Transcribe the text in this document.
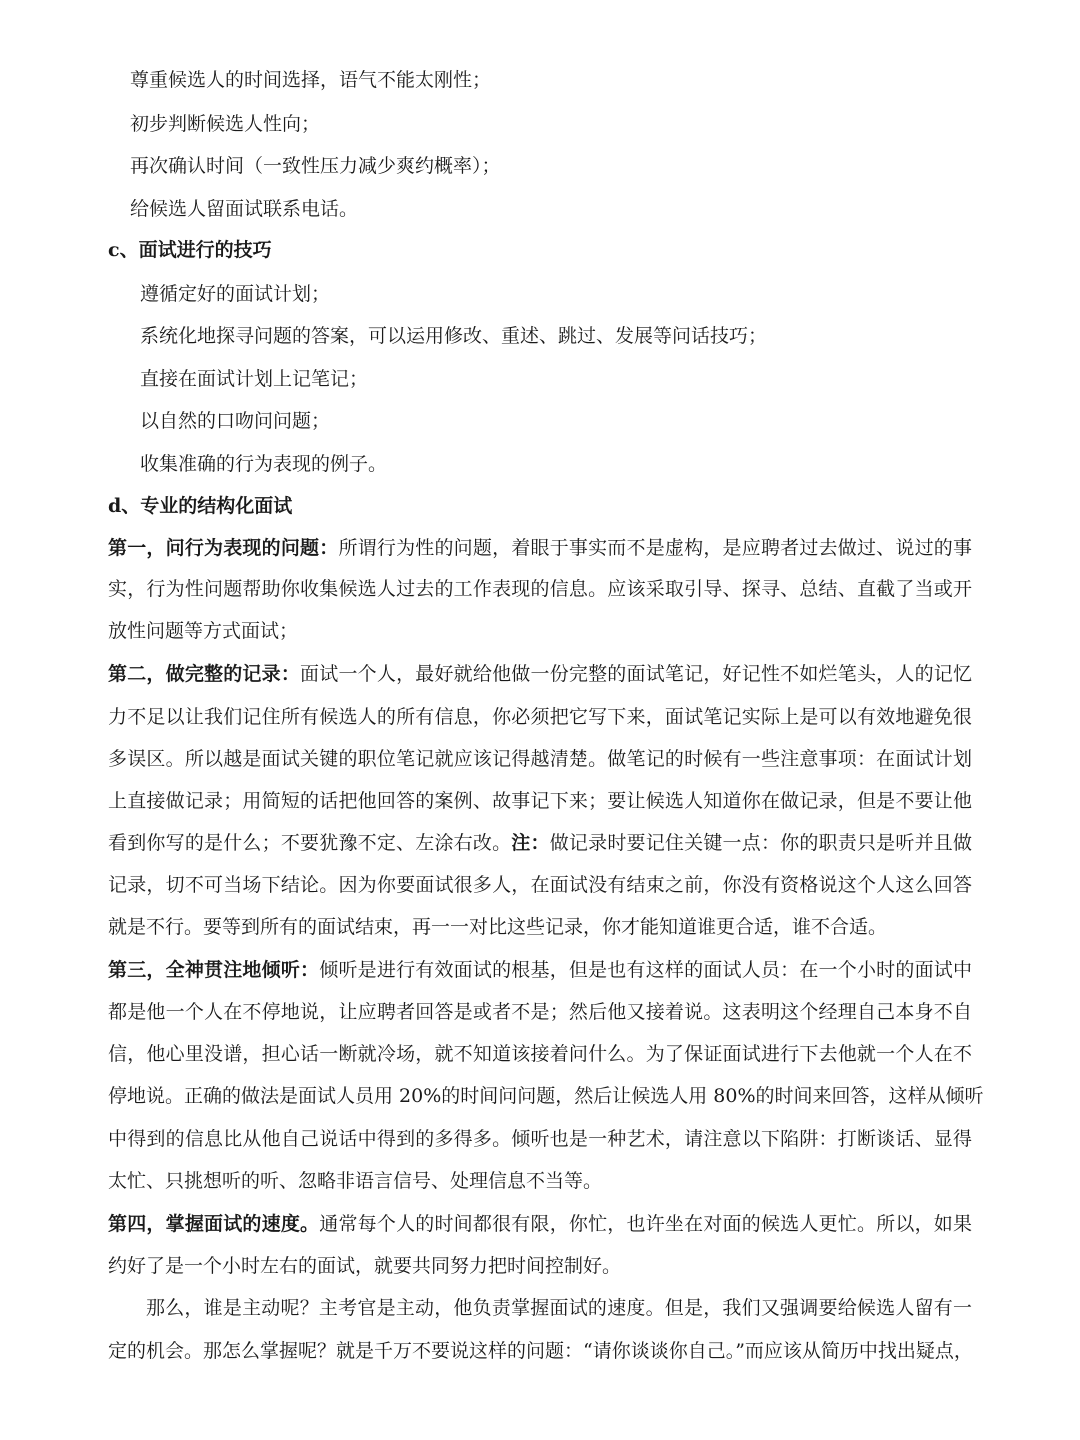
尊重候选人的时间选择，语气不能太刚性；
初步判断候选人性向；
再次确认时间（一致性压力减少爽约概率）；
给候选人留面试联系电话。
c、面试进行的技巧
遵循定好的面试计划；
系统化地探寻问题的答案，可以运用修改、重述、跳过、发展等问话技巧；
直接在面试计划上记笔记；
以自然的口吻问问题；
收集准确的行为表现的例子。
d、专业的结构化面试
第一，问行为表现的问题：所谓行为性的问题，着眼于事实而不是虚构，是应聘者过去做过、说过的事
实，行为性问题帮助你收集候选人过去的工作表现的信息。应该采取引导、探寻、总结、直截了当或开
放性问题等方式面试；
第二，做完整的记录：面试一个人，最好就给他做一份完整的面试笔记，好记性不如烂笔头，人的记忆
力不足以让我们记住所有候选人的所有信息，你必须把它写下来，面试笔记实际上是可以有效地避免很
多误区。所以越是面试关键的职位笔记就应该记得越清楚。做笔记的时候有一些注意事项：在面试计划
上直接做记录；用简短的话把他回答的案例、故事记下来；要让候选人知道你在做记录，但是不要让他
看到你写的是什么；不要犹豫不定、左涂右改。注：做记录时要记住关键一点：你的职责只是听并且做
记录，切不可当场下结论。因为你要面试很多人，在面试没有结束之前，你没有资格说这个人这么回答
就是不行。要等到所有的面试结束，再一一对比这些记录，你才能知道谁更合适，谁不合适。
第三，全神贯注地倾听：倾听是进行有效面试的根基，但是也有这样的面试人员：在一个小时的面试中
都是他一个人在不停地说，让应聘者回答是或者不是；然后他又接着说。这表明这个经理自己本身不自
信，他心里没谱，担心话一断就冷场，就不知道该接着问什么。为了保证面试进行下去他就一个人在不
停地说。正确的做法是面试人员用 20%的时间问问题，然后让候选人用 80%的时间来回答，这样从倾听
中得到的信息比从他自己说话中得到的多得多。倾听也是一种艺术，请注意以下陷阱：打断谈话、显得
太忙、只挑想听的听、忽略非语言信号、处理信息不当等。
第四，掌握面试的速度。通常每个人的时间都很有限，你忙，也许坐在对面的候选人更忙。所以，如果
约好了是一个小时左右的面试，就要共同努力把时间控制好。
那么，谁是主动呢？主考官是主动，他负责掌握面试的速度。但是，我们又强调要给候选人留有一
定的机会。那怎么掌握呢？就是千万不要说这样的问题：“请你谈谈你自己。”而应该从简历中找出疑点，
